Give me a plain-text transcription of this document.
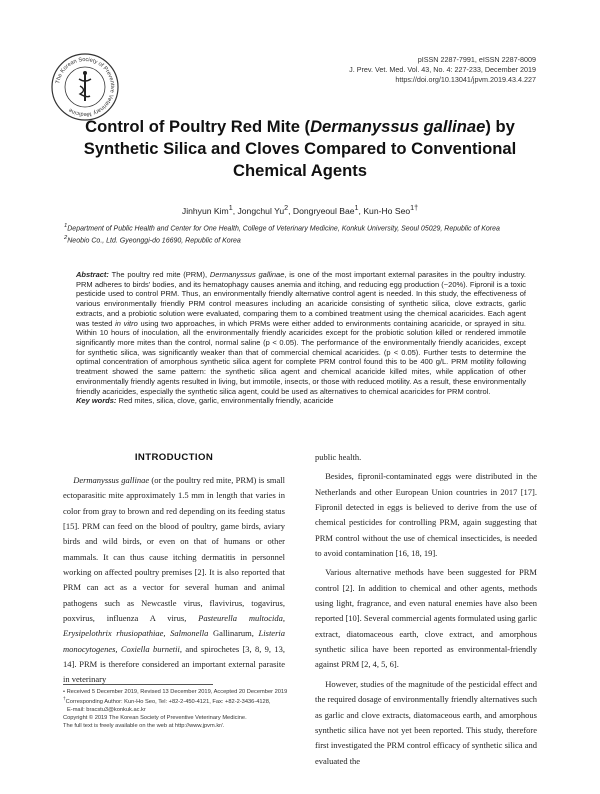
The Korean Society of Preventive Veterinary Medicine
pISSN 2287-7991, eISSN 2287-8009
J. Prev. Vet. Med. Vol. 43, No. 4: 227-233, December 2019
https://doi.org/10.13041/jpvm.2019.43.4.227
Control of Poultry Red Mite (Dermanyssus gallinae) by
Synthetic Silica and Cloves Compared to Conventional
Chemical Agents
Jinhyun Kim$^1$, Jongchul Yu$^2$, Dongryeoul Bae$^1$, Kun-Ho Seo$^{1\dagger}$
$^1$Department of Public Health and Center for One Health, College of Veterinary Medicine, Konkuk University, Seoul 05029, Republic of Korea
$^2$Neobio Co., Ltd. Gyeonggi-do 16690, Republic of Korea

Abstract: The poultry red mite (PRM), Dermanyssus gallinae, is one of the most important external parasites in the poultry industry. PRM adheres to birds' bodies, and its hematophagy causes anemia and itching, and reducing egg production (~20%). Fipronil is a toxic pesticide used to control PRM. Thus, an environmentally friendly alternative control agent is needed. In this study, the effectiveness of various environmentally friendly PRM control measures including an acaricide consisting of synthetic silica, clove extracts, garlic extracts, and a probiotic solution were evaluated, comparing them to a combined treatment using the chemical acaricides. Each agent was tested in vitro using two approaches, in which PRMs were either added to environments containing acaricide, or sprayed in situ. Within 10 hours of inoculation, all the environmentally friendly acaricides except for the probiotic solution killed or rendered immotile significantly more mites than the control, normal saline (p < 0.05). The performance of the environmentally friendly acaricides, except for synthetic silica, was significantly weaker than that of commercial chemical acaricides. (p < 0.05). Further tests to determine the optimal concentration of amorphous synthetic silica agent for complete PRM control found this to be 400 g/L. PRM motility following treatment showed the same pattern: the synthetic silica agent and chemical acaricide killed mites, while application of other environmentally friendly agents resulted in living, but immotile, insects, or those with reduced motility. As a result, these environmentally friendly acaricides, especially the synthetic silica agent, could be used as alternatives to chemical acaricides for PRM control.

Key words: Red mites, silica, clove, garlic, environmentally friendly, acaricide

INTRODUCTION

Dermanyssus gallinae (or the poultry red mite, PRM) is small ectoparasitic mite approximately 1.5 mm in length that varies in color from gray to brown and red depending on its feeding status [15]. PRM can feed on the blood of poultry, game birds, aviary birds and wild birds, or even on that of humans or other mammals. It can thus cause itching dermatitis in personnel working on affected poultry premises [2]. It is also reported that PRM can act as a vector for several human and animal pathogens such as Newcastle virus, flavivirus, togavirus, poxvirus, influenza A virus, Pasteurella multocida, Erysipelothrix rhusiopathiae, Salmonella Gallinarum, Listeria monocytogenes, Coxiella burnetii, and spirochetes [3, 8, 9, 13, 14]. PRM is therefore considered an important external parasite in veterinary

public health.

Besides, fipronil-contaminated eggs were distributed in the Netherlands and other European Union countries in 2017 [17]. Fipronil detected in eggs is believed to derive from the use of chemical pesticides for controlling PRM, again suggesting that PRM control without the use of chemical insecticides, is needed to avoid contamination [16, 18, 19].

Various alternative methods have been suggested for PRM control [2]. In addition to chemical and other agents, methods using light, fragrance, and even natural enemies have also been reported [10]. Several commercial agents formulated using garlic extract, diatomaceous earth, clove extract, and amorphous synthetic silica have been reported as environmental-friendly against PRM [2, 4, 5, 6].

However, studies of the magnitude of the pesticidal effect and the required dosage of environmentally friendly alternatives such as garlic and clove extracts, diatomaceous earth, and amorphous synthetic silica have not yet been reported. This study, therefore first investigated the PRM control efficacy of synthetic silica and evaluated the

• Received 5 December 2019, Revised 13 December 2019, Accepted 20 December 2019
†Corresponding Author: Kun-Ho Seo, Tel: +82-2-450-4121, Fax: +82-2-3436-4128,
E-mail: bracstu3@konkuk.ac.kr
Copyright © 2019 The Korean Society of Preventive Veterinary Medicine.
The full text is freely available on the web at http://www.jpvm.kr/.
